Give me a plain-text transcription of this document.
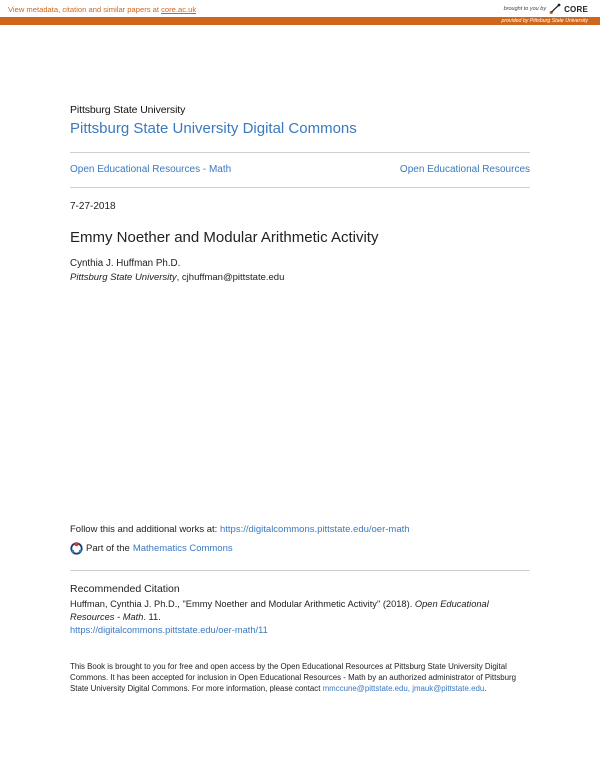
View metadata, citation and similar papers at core.ac.uk	brought to you by CORE
provided by Pittsburg State University
Pittsburg State University
Pittsburg State University Digital Commons
Open Educational Resources - Math	Open Educational Resources
7-27-2018
Emmy Noether and Modular Arithmetic Activity
Cynthia J. Huffman Ph.D.
Pittsburg State University, cjhuffman@pittstate.edu
Follow this and additional works at: https://digitalcommons.pittstate.edu/oer-math
Part of the Mathematics Commons
Recommended Citation
Huffman, Cynthia J. Ph.D., "Emmy Noether and Modular Arithmetic Activity" (2018). Open Educational Resources - Math. 11.
https://digitalcommons.pittstate.edu/oer-math/11
This Book is brought to you for free and open access by the Open Educational Resources at Pittsburg State University Digital Commons. It has been accepted for inclusion in Open Educational Resources - Math by an authorized administrator of Pittsburg State University Digital Commons. For more information, please contact mmccune@pittstate.edu, jmauk@pittstate.edu.
